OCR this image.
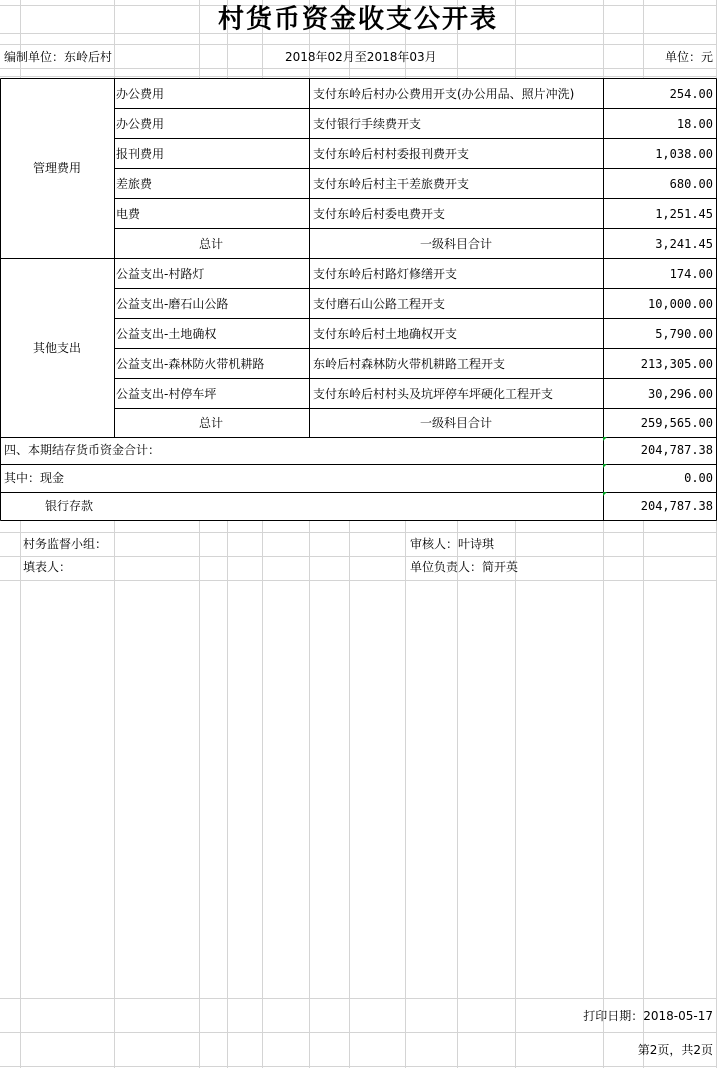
村货币资金收支公开表
编制单位：东岭后村	2018年02月至2018年03月	单位：元
管理费用
办公费用	支付东岭后村办公费用开支(办公用品、照片冲洗)	254.00
办公费用	支付银行手续费开支	18.00
报刊费用	支付东岭后村村委报刊费开支	1,038.00
差旅费	支付东岭后村主干差旅费开支	680.00
电费	支付东岭后村委电费开支	1,251.45
总计	一级科目合计	3,241.45
其他支出
公益支出-村路灯	支付东岭后村路灯修缮开支	174.00
公益支出-磨石山公路	支付磨石山公路工程开支	10,000.00
公益支出-土地确权	支付东岭后村土地确权开支	5,790.00
公益支出-森林防火带机耕路	东岭后村森林防火带机耕路工程开支	213,305.00
公益支出-村停车坪	支付东岭后村村头及坑坪停车坪硬化工程开支	30,296.00
总计	一级科目合计	259,565.00
四、本期结存货币资金合计：	204,787.38
其中：现金	0.00
银行存款	204,787.38
村务监督小组：	审核人：叶诗琪
填表人：	单位负责人：简开英
打印日期：2018-05-17
第2页，共2页
